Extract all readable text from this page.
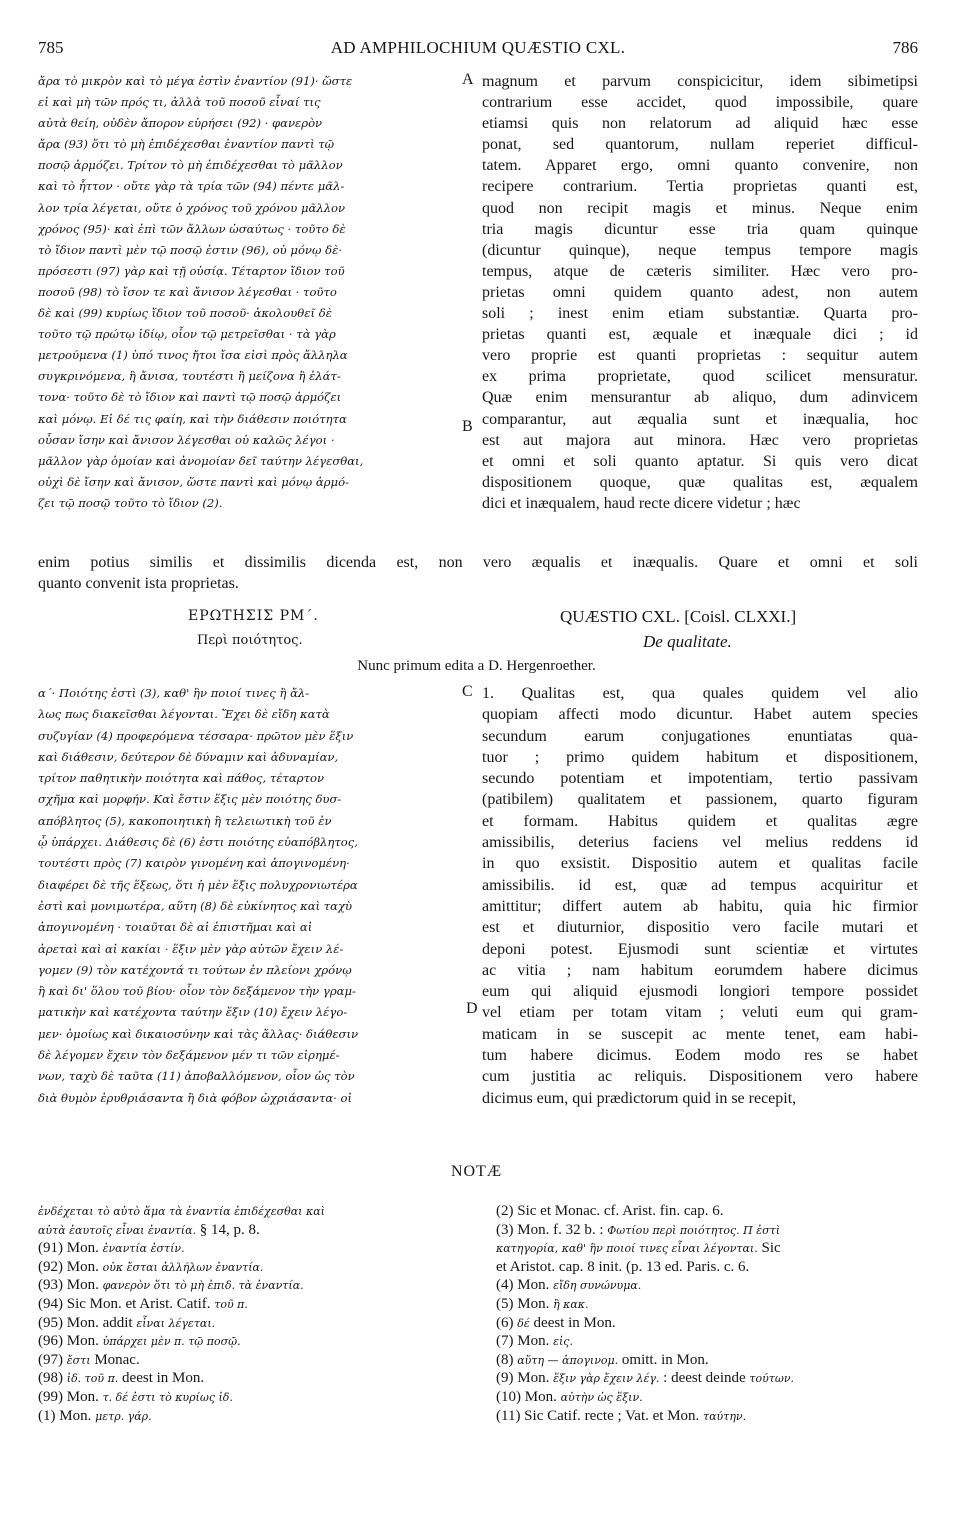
785	AD AMPHILOCHIUM QUÆSTIO CXL.	786
ἄρα τὸ μικρὸν καὶ τὸ μέγα ἐστὶν ἐναντίον (91)· ὥστε
εἰ καὶ μὴ τῶν πρός τι, ἀλλὰ τοῦ ποσοῦ εἶναί τις
αὐτὰ θείη, οὐδὲν ἄπορον εὑρήσει (92) · φανερὸν
ἄρα (93) ὅτι τὸ μὴ ἐπιδέχεσθαι ἐναντίον παντὶ τῷ
ποσῷ ἁρμόζει. Τρίτον τὸ μὴ ἐπιδέχεσθαι τὸ μᾶλλον
καὶ τὸ ἧττον · οὔτε γὰρ τὰ τρία τῶν (94) πέντε μᾶλ-
λον τρία λέγεται, οὔτε ὁ χρόνος τοῦ χρόνου μᾶλλον
χρόνος (95)· καὶ ἐπὶ τῶν ἄλλων ὡσαύτως · τοῦτο δὲ
τὸ ἴδιον παντὶ μὲν τῷ ποσῷ ἐστιν (96), οὐ μόνῳ δὲ·
πρόσεστι (97) γὰρ καὶ τῇ οὐσίᾳ. Τέταρτον ἴδιον τοῦ
ποσοῦ (98) τὸ ἴσον τε καὶ ἄνισον λέγεσθαι · τοῦτο
δὲ καὶ (99) κυρίως ἴδιον τοῦ ποσοῦ· ἀκολουθεῖ δὲ
τοῦτο τῷ πρώτῳ ἰδίῳ, οἷον τῷ μετρεῖσθαι · τὰ γὰρ
μετρούμενα (1) ὑπό τινος ἤτοι ἴσα εἰσὶ πρὸς ἄλληλα
συγκρινόμενα, ἢ ἄνισα, τουτέστι ἢ μείζονα ἢ ἐλάτ-
τονα· τοῦτο δὲ τὸ ἴδιον καὶ παντὶ τῷ ποσῷ ἁρμόζει
καὶ μόνῳ. Εἰ δέ τις φαίη, καὶ τὴν διάθεσιν ποιότητα
οὖσαν ἴσην καὶ ἄνισον λέγεσθαι οὐ καλῶς λέγοι ·
μᾶλλον γὰρ ὁμοίαν καὶ ἀνομοίαν δεῖ ταύτην λέγεσθαι,
οὐχὶ δὲ ἴσην καὶ ἄνισον, ὥστε παντὶ καὶ μόνῳ ἁρμό-
ζει τῷ ποσῷ τοῦτο τὸ ἴδιον (2).
magnum et parvum conspicicitur, idem sibimetipsi
contrarium esse accidet, quod impossibile, quare
etiamsi quis non relatorum ad aliquid hæc esse
ponat, sed quantorum, nullam reperiet difficul-
tatem. Apparet ergo, omni quanto convenire, non
recipere contrarium. Tertia proprietas quanti est,
quod non recipit magis et minus. Neque enim
tria magis dicuntur esse tria quam quinque
(dicuntur quinque), neque tempus tempore magis
tempus, atque de cæteris similiter. Hæc vero pro-
prietas omni quidem quanto adest, non autem
soli ; inest enim etiam substantiæ. Quarta pro-
prietas quanti est, æquale et inæquale dici ; id
vero proprie est quanti proprietas : sequitur autem
ex prima proprietate, quod scilicet mensuratur.
Quæ enim mensurantur ab aliquo, dum adinvicem
comparantur, aut æqualia sunt et inæqualia, hoc
est aut majora aut minora. Hæc vero proprietas
et omni et soli quanto aptatur. Si quis vero dicat
dispositionem quoque, quæ qualitas est, æqualem
dici et inæqualem, haud recte dicere videtur ; hæc
A
B
enim potius similis et dissimilis dicenda est, non vero æqualis et inæqualis. Quare et omni et soli
quanto convenit ista proprietas.
ΕΡΩΤΗΣΙΣ ΡΜ΄.	QUÆSTIO CXL. [Coisl. CLXXI.]
Περὶ ποιότητος.	De qualitate.
Nunc primum edita a D. Hergenroether.
α΄· Ποιότης ἐστὶ (3), καθ' ἣν ποιοί τινες ἢ ἄλ-
λως πως διακεῖσθαι λέγονται. Ἔχει δὲ εἴδη κατὰ
συζυγίαν (4) προφερόμενα τέσσαρα· πρῶτον μὲν ἕξιν
καὶ διάθεσιν, δεύτερον δὲ δύναμιν καὶ ἀδυναμίαν,
τρίτον παθητικὴν ποιότητα καὶ πάθος, τέταρτον
σχῆμα καὶ μορφήν. Καὶ ἔστιν ἕξις μὲν ποιότης δυσ-
απόβλητος (5), κακοποιητικὴ ἢ τελειωτικὴ τοῦ ἐν
ᾧ ὑπάρχει. Διάθεσις δὲ (6) ἐστι ποιότης εὐαπόβλητος,
τουτέστι πρὸς (7) καιρὸν γινομένη καὶ ἀπογινομένη·
διαφέρει δὲ τῆς ἕξεως, ὅτι ἡ μὲν ἕξις πολυχρονιωτέρα
ἐστὶ καὶ μονιμωτέρα, αὕτη (8) δὲ εὐκίνητος καὶ ταχὺ
ἀπογινομένη · τοιαῦται δὲ αἱ ἐπιστῆμαι καὶ αἱ
ἀρεταὶ καὶ αἱ κακίαι · ἕξιν μὲν γὰρ αὐτῶν ἔχειν λέ-
γομεν (9) τὸν κατέχοντά τι τούτων ἐν πλείονι χρόνῳ
ἢ καὶ δι' ὅλου τοῦ βίου· οἷον τὸν δεξάμενον τὴν γραμ-
ματικὴν καὶ κατέχοντα ταύτην ἕξιν (10) ἔχειν λέγο-
μεν· ὁμοίως καὶ δικαιοσύνην καὶ τὰς ἄλλας· διάθεσιν
δὲ λέγομεν ἔχειν τὸν δεξάμενον μέν τι τῶν εἰρημέ-
νων, ταχὺ δὲ ταῦτα (11) ἀποβαλλόμενον, οἷον ὡς τὸν
διὰ θυμὸν ἐρυθριάσαντα ἢ διὰ φόβον ὠχριάσαντα· οἱ
1. Qualitas est, qua quales quidem vel alio
quopiam affecti modo dicuntur. Habet autem species
secundum earum conjugationes enuntiatas qua-
tuor ; primo quidem habitum et dispositionem,
secundo potentiam et impotentiam, tertio passivam
(patibilem) qualitatem et passionem, quarto figuram
et formam. Habitus quidem et qualitas ægre
amissibilis, deterius faciens vel melius reddens id
in quo exsistit. Dispositio autem et qualitas facile
amissibilis. id est, quæ ad tempus acquiritur et
amittitur; differt autem ab habitu, quia hic firmior
est et diuturnior, dispositio vero facile mutari et
deponi potest. Ejusmodi sunt scientiæ et virtutes
ac vitia ; nam habitum eorumdem habere dicimus
eum qui aliquid ejusmodi longiori tempore possidet
vel etiam per totam vitam ; veluti eum qui gram-
maticam in se suscepit ac mente tenet, eam habi-
tum habere dicimus. Eodem modo res se habet
cum justitia ac reliquis. Dispositionem vero habere
dicimus eum, qui prædictorum quid in se recepit,
C
D
NOTÆ
ἐνδέχεται τὸ αὐτὸ ἅμα τὰ ἐναντία ἐπιδέχεσθαι καὶ
αὐτὰ ἑαυτοῖς εἶναι ἐναντία. § 14, p. 8.
(91) Mon. ἐναντία ἐστίν.
(92) Mon. οὐκ ἔσται ἀλλήλων ἐναντία.
(93) Mon. φανερὸν ὅτι τὸ μὴ ἐπιδ. τὰ ἐναντία.
(94) Sic Mon. et Arist. Catif. τοῦ π.
(95) Mon. addit εἶναι λέγεται.
(96) Mon. ὑπάρχει μὲν π. τῷ ποσῷ.
(97) ἔστι Monac.
(98) ἰδ. τοῦ π. deest in Mon.
(99) Mon. τ. δέ ἐστι τὸ κυρίως ἰδ.
(1) Mon. μετρ. γάρ.
(2) Sic et Monac. cf. Arist. fin. cap. 6.
(3) Mon. f. 32 b. : Φωτίου περὶ ποιότητος. Π ἐστὶ
κατηγορία, καθ' ἣν ποιοί τινες εἶναι λέγονται. Sic
et Aristot. cap. 8 init. (p. 13 ed. Paris. c. 6.
(4) Mon. εἴδη συνώνυμα.
(5) Mon. ἢ κακ.
(6) δέ deest in Mon.
(7) Mon. εἰς.
(8) αὕτη — ἀπογινομ. omitt. in Mon.
(9) Mon. ἕξιν γὰρ ἔχειν λέγ. : deest deinde τούτων.
(10) Mon. αὐτὴν ὡς ἕξιν.
(11) Sic Catif. recte ; Vat. et Mon. ταύτην.
